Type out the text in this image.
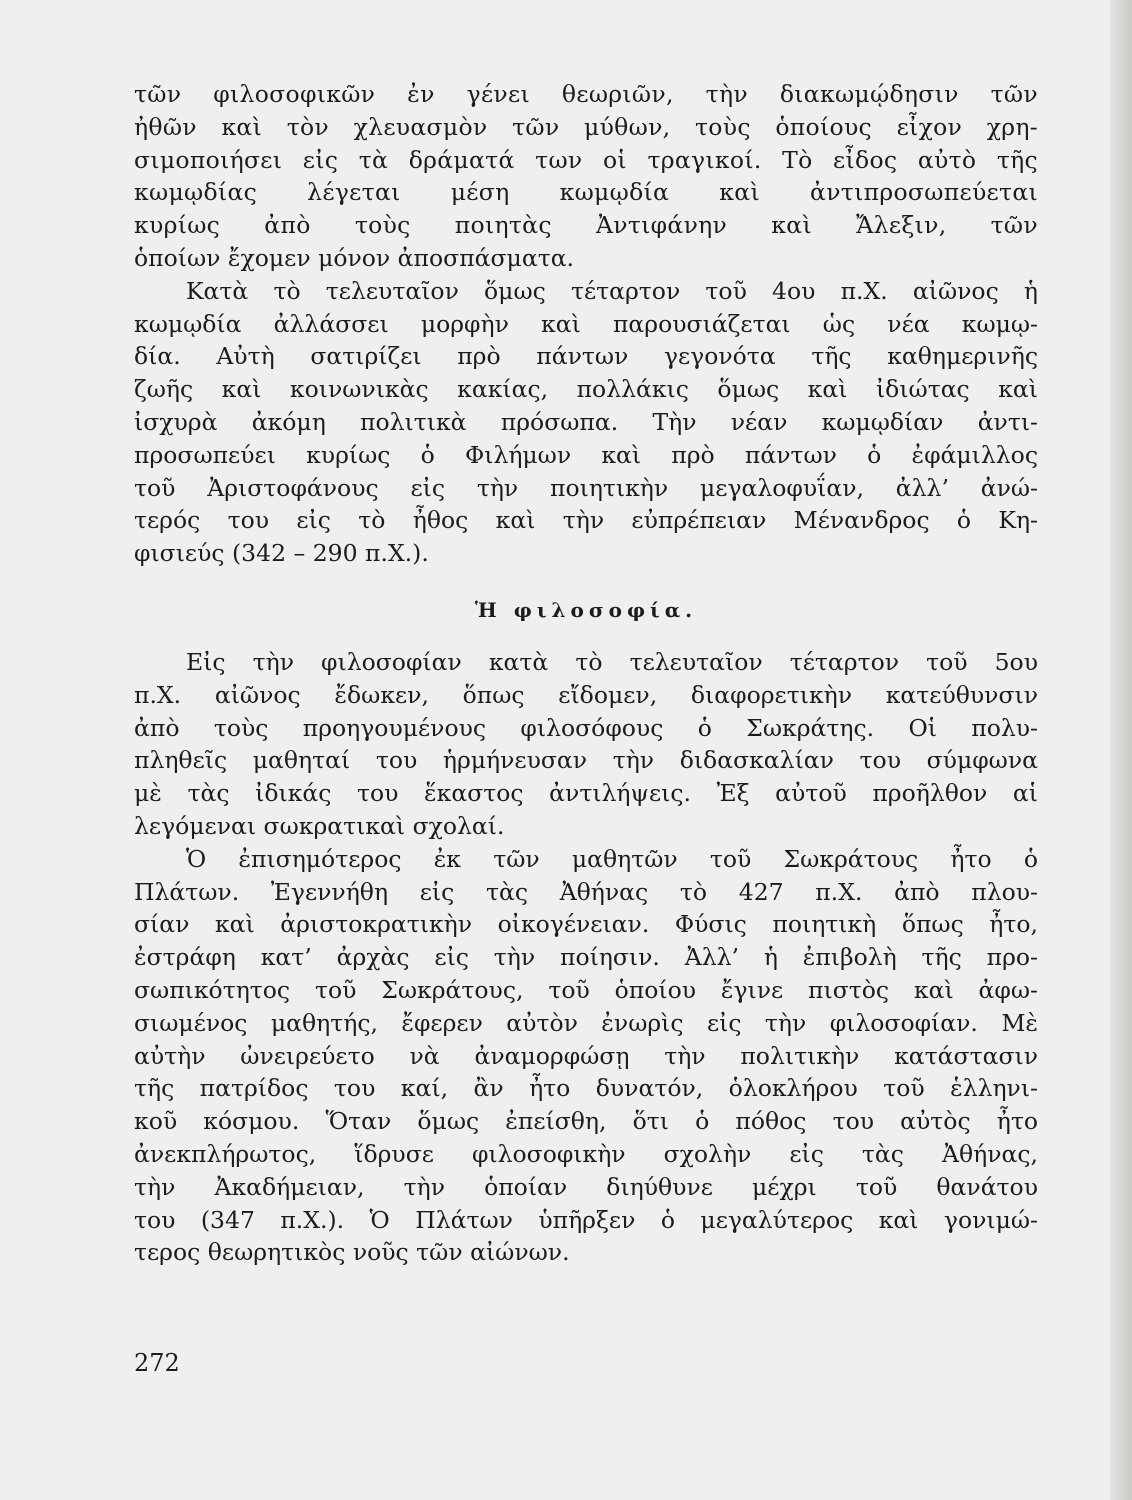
τῶν φιλοσοφικῶν ἐν γένει θεωριῶν, τὴν διακωμῴδησιν τῶν
ἠθῶν καὶ τὸν χλευασμὸν τῶν μύθων, τοὺς ὁποίους εἶχον χρη-
σιμοποιήσει εἰς τὰ δράματά των οἱ τραγικοί. Τὸ εἶδος αὐτὸ τῆς
κωμῳδίας λέγεται μέση κωμῳδία καὶ ἀντιπροσωπεύεται
κυρίως ἀπὸ τοὺς ποιητὰς Ἀντιφάνην καὶ Ἄλεξιν, τῶν
ὁποίων ἔχομεν μόνον ἀποσπάσματα.
Κατὰ τὸ τελευταῖον ὅμως τέταρτον τοῦ 4ου π.Χ. αἰῶνος ἡ
κωμῳδία ἀλλάσσει μορφὴν καὶ παρουσιάζεται ὡς νέα κωμῳ-
δία. Αὐτὴ σατιρίζει πρὸ πάντων γεγονότα τῆς καθημερινῆς
ζωῆς καὶ κοινωνικὰς κακίας, πολλάκις ὅμως καὶ ἰδιώτας καὶ
ἰσχυρὰ ἀκόμη πολιτικὰ πρόσωπα. Τὴν νέαν κωμῳδίαν ἀντι-
προσωπεύει κυρίως ὁ Φιλήμων καὶ πρὸ πάντων ὁ ἐφάμιλλος
τοῦ Ἀριστοφάνους εἰς τὴν ποιητικὴν μεγαλοφυΐαν, ἀλλ’ ἀνώ-
τερός του εἰς τὸ ἦθος καὶ τὴν εὐπρέπειαν Μένανδρος ὁ Κη-
φισιεύς (342 – 290 π.Χ.).
Ἡ φιλοσοφία.
Εἰς τὴν φιλοσοφίαν κατὰ τὸ τελευταῖον τέταρτον τοῦ 5ου
π.Χ. αἰῶνος ἔδωκεν, ὅπως εἴδομεν, διαφορετικὴν κατεύθυνσιν
ἀπὸ τοὺς προηγουμένους φιλοσόφους ὁ Σωκράτης. Οἱ πολυ-
πληθεῖς μαθηταί του ἡρμήνευσαν τὴν διδασκαλίαν του σύμφωνα
μὲ τὰς ἰδικάς του ἕκαστος ἀντιλήψεις. Ἐξ αὐτοῦ προῆλθον αἱ
λεγόμεναι σωκρατικαὶ σχολαί.
Ὁ ἐπισημότερος ἐκ τῶν μαθητῶν τοῦ Σωκράτους ἦτο ὁ
Πλάτων. Ἐγεννήθη εἰς τὰς Ἀθήνας τὸ 427 π.Χ. ἀπὸ πλου-
σίαν καὶ ἀριστοκρατικὴν οἰκογένειαν. Φύσις ποιητικὴ ὅπως ἦτο,
ἐστράφη κατ’ ἀρχὰς εἰς τὴν ποίησιν. Ἀλλ’ ἡ ἐπιβολὴ τῆς προ-
σωπικότητος τοῦ Σωκράτους, τοῦ ὁποίου ἔγινε πιστὸς καὶ ἀφω-
σιωμένος μαθητής, ἔφερεν αὐτὸν ἐνωρὶς εἰς τὴν φιλοσοφίαν. Μὲ
αὐτὴν ὠνειρεύετο νὰ ἀναμορφώσῃ τὴν πολιτικὴν κατάστασιν
τῆς πατρίδος του καί, ἂν ἦτο δυνατόν, ὁλοκλήρου τοῦ ἑλληνι-
κοῦ κόσμου. Ὅταν ὅμως ἐπείσθη, ὅτι ὁ πόθος του αὐτὸς ἦτο
ἀνεκπλήρωτος, ἵδρυσε φιλοσοφικὴν σχολὴν εἰς τὰς Ἀθήνας,
τὴν Ἀκαδήμειαν, τὴν ὁποίαν διηύθυνε μέχρι τοῦ θανάτου
του (347 π.Χ.). Ὁ Πλάτων ὑπῆρξεν ὁ μεγαλύτερος καὶ γονιμώ-
τερος θεωρητικὸς νοῦς τῶν αἰώνων.
272
